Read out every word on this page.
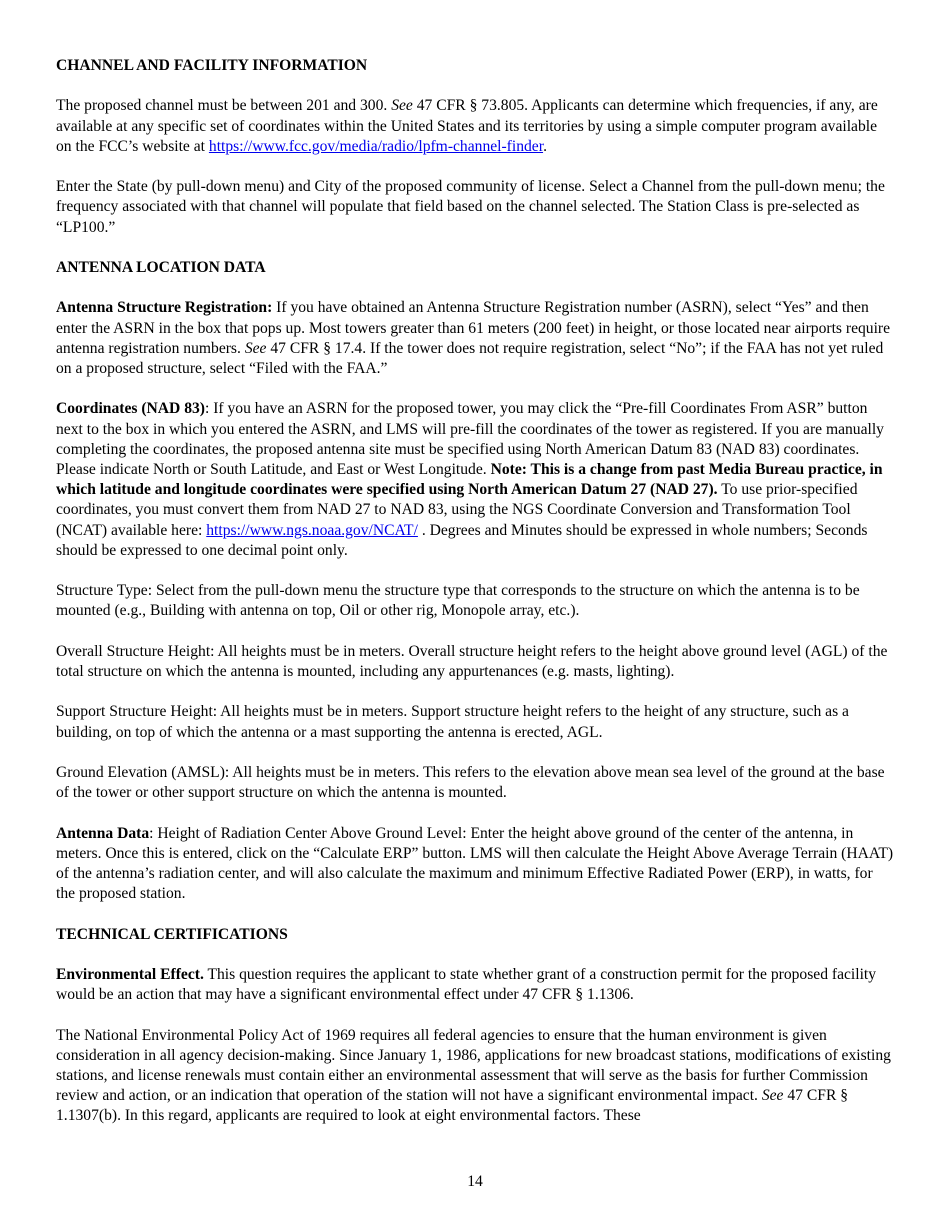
CHANNEL AND FACILITY INFORMATION

The proposed channel must be between 201 and 300. See 47 CFR § 73.805. Applicants can determine which frequencies, if any, are available at any specific set of coordinates within the United States and its territories by using a simple computer program available on the FCC’s website at https://www.fcc.gov/media/radio/lpfm-channel-finder.

Enter the State (by pull-down menu) and City of the proposed community of license. Select a Channel from the pull-down menu; the frequency associated with that channel will populate that field based on the channel selected. The Station Class is pre-selected as “LP100.”

ANTENNA LOCATION DATA

Antenna Structure Registration: If you have obtained an Antenna Structure Registration number (ASRN), select “Yes” and then enter the ASRN in the box that pops up. Most towers greater than 61 meters (200 feet) in height, or those located near airports require antenna registration numbers. See 47 CFR § 17.4. If the tower does not require registration, select “No”; if the FAA has not yet ruled on a proposed structure, select “Filed with the FAA.”

Coordinates (NAD 83): If you have an ASRN for the proposed tower, you may click the “Pre-fill Coordinates From ASR” button next to the box in which you entered the ASRN, and LMS will pre-fill the coordinates of the tower as registered. If you are manually completing the coordinates, the proposed antenna site must be specified using North American Datum 83 (NAD 83) coordinates. Please indicate North or South Latitude, and East or West Longitude. Note: This is a change from past Media Bureau practice, in which latitude and longitude coordinates were specified using North American Datum 27 (NAD 27). To use prior-specified coordinates, you must convert them from NAD 27 to NAD 83, using the NGS Coordinate Conversion and Transformation Tool (NCAT) available here: https://www.ngs.noaa.gov/NCAT/ . Degrees and Minutes should be expressed in whole numbers; Seconds should be expressed to one decimal point only.

Structure Type: Select from the pull-down menu the structure type that corresponds to the structure on which the antenna is to be mounted (e.g., Building with antenna on top, Oil or other rig, Monopole array, etc.).

Overall Structure Height: All heights must be in meters. Overall structure height refers to the height above ground level (AGL) of the total structure on which the antenna is mounted, including any appurtenances (e.g. masts, lighting).

Support Structure Height: All heights must be in meters. Support structure height refers to the height of any structure, such as a building, on top of which the antenna or a mast supporting the antenna is erected, AGL.

Ground Elevation (AMSL): All heights must be in meters. This refers to the elevation above mean sea level of the ground at the base of the tower or other support structure on which the antenna is mounted.

Antenna Data: Height of Radiation Center Above Ground Level: Enter the height above ground of the center of the antenna, in meters. Once this is entered, click on the “Calculate ERP” button. LMS will then calculate the Height Above Average Terrain (HAAT) of the antenna’s radiation center, and will also calculate the maximum and minimum Effective Radiated Power (ERP), in watts, for the proposed station.

TECHNICAL CERTIFICATIONS

Environmental Effect. This question requires the applicant to state whether grant of a construction permit for the proposed facility would be an action that may have a significant environmental effect under 47 CFR § 1.1306.

The National Environmental Policy Act of 1969 requires all federal agencies to ensure that the human environment is given consideration in all agency decision-making. Since January 1, 1986, applications for new broadcast stations, modifications of existing stations, and license renewals must contain either an environmental assessment that will serve as the basis for further Commission review and action, or an indication that operation of the station will not have a significant environmental impact. See 47 CFR § 1.1307(b). In this regard, applicants are required to look at eight environmental factors. These

14
